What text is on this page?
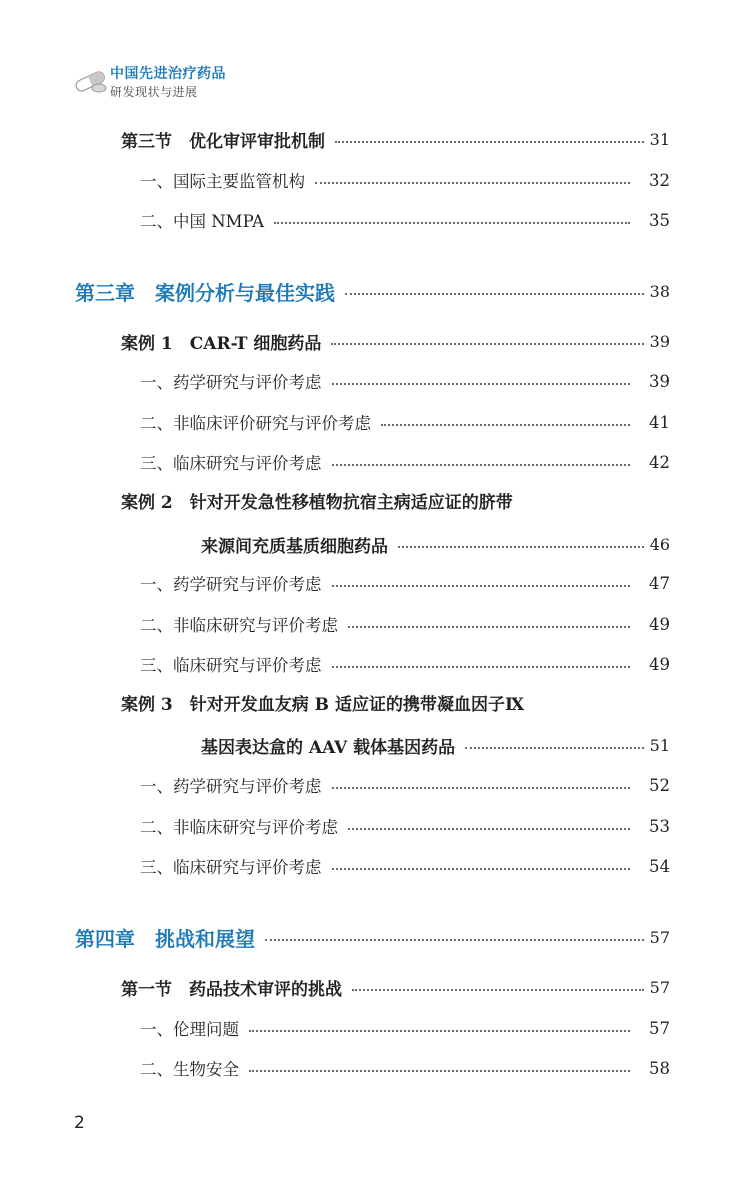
中国先进治疗药品
研发现状与进展
第三节　优化审评审批机制	31
一、国际主要监管机构	32
二、中国 NMPA	35
第三章　案例分析与最佳实践	38
案例 1　CAR-T 细胞药品	39
一、药学研究与评价考虑	39
二、非临床评价研究与评价考虑	41
三、临床研究与评价考虑	42
案例 2　针对开发急性移植物抗宿主病适应证的脐带
来源间充质基质细胞药品	46
一、药学研究与评价考虑	47
二、非临床研究与评价考虑	49
三、临床研究与评价考虑	49
案例 3　针对开发血友病 B 适应证的携带凝血因子Ⅸ
基因表达盒的 AAV 载体基因药品	51
一、药学研究与评价考虑	52
二、非临床研究与评价考虑	53
三、临床研究与评价考虑	54
第四章　挑战和展望	57
第一节　药品技术审评的挑战	57
一、伦理问题	57
二、生物安全	58
2
